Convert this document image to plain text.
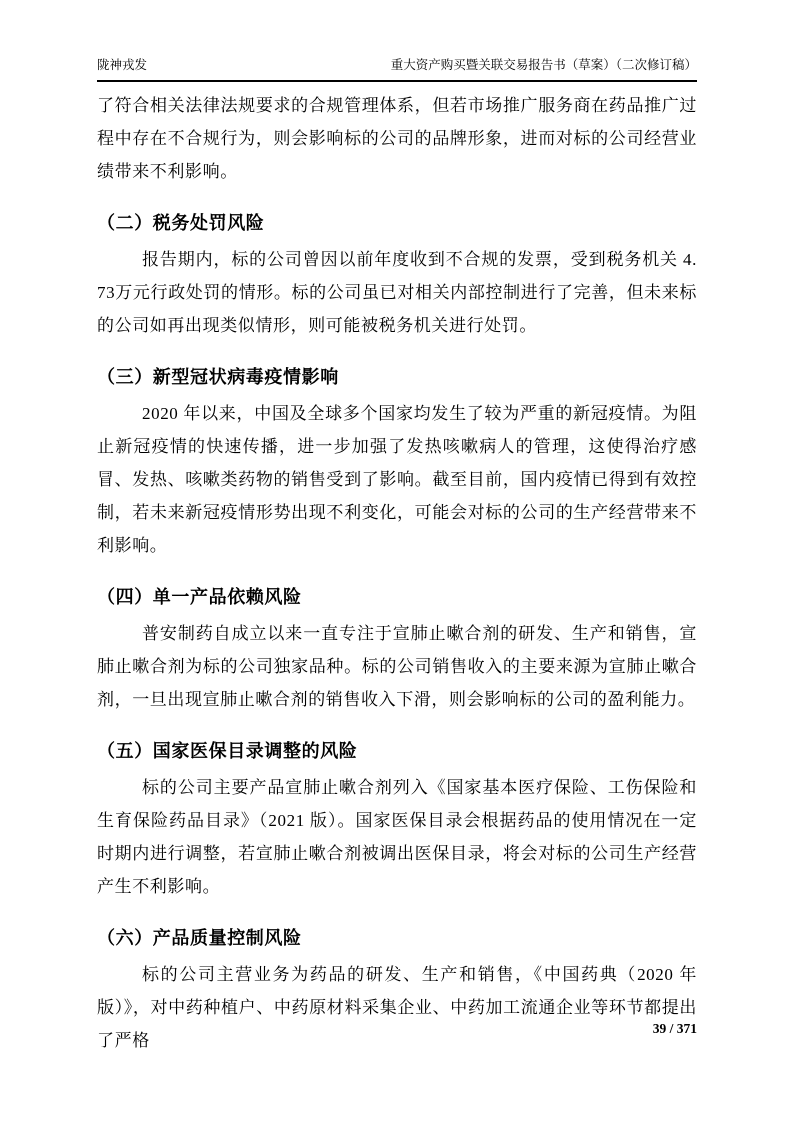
陇神戎发	重大资产购买暨关联交易报告书（草案）（二次修订稿）

了符合相关法律法规要求的合规管理体系，但若市场推广服务商在药品推广过程中存在不合规行为，则会影响标的公司的品牌形象，进而对标的公司经营业绩带来不利影响。

（二）税务处罚风险

报告期内，标的公司曾因以前年度收到不合规的发票，受到税务机关 4.73万元行政处罚的情形。标的公司虽已对相关内部控制进行了完善，但未来标的公司如再出现类似情形，则可能被税务机关进行处罚。

（三）新型冠状病毒疫情影响

2020 年以来，中国及全球多个国家均发生了较为严重的新冠疫情。为阻止新冠疫情的快速传播，进一步加强了发热咳嗽病人的管理，这使得治疗感冒、发热、咳嗽类药物的销售受到了影响。截至目前，国内疫情已得到有效控制，若未来新冠疫情形势出现不利变化，可能会对标的公司的生产经营带来不利影响。

（四）单一产品依赖风险

普安制药自成立以来一直专注于宣肺止嗽合剂的研发、生产和销售，宣肺止嗽合剂为标的公司独家品种。标的公司销售收入的主要来源为宣肺止嗽合剂，一旦出现宣肺止嗽合剂的销售收入下滑，则会影响标的公司的盈利能力。

（五）国家医保目录调整的风险

标的公司主要产品宣肺止嗽合剂列入《国家基本医疗保险、工伤保险和生育保险药品目录》（2021 版）。国家医保目录会根据药品的使用情况在一定时期内进行调整，若宣肺止嗽合剂被调出医保目录，将会对标的公司生产经营产生不利影响。

（六）产品质量控制风险

标的公司主营业务为药品的研发、生产和销售，《中国药典（2020 年版）》，对中药种植户、中药原材料采集企业、中药加工流通企业等环节都提出了严格

39 / 371
